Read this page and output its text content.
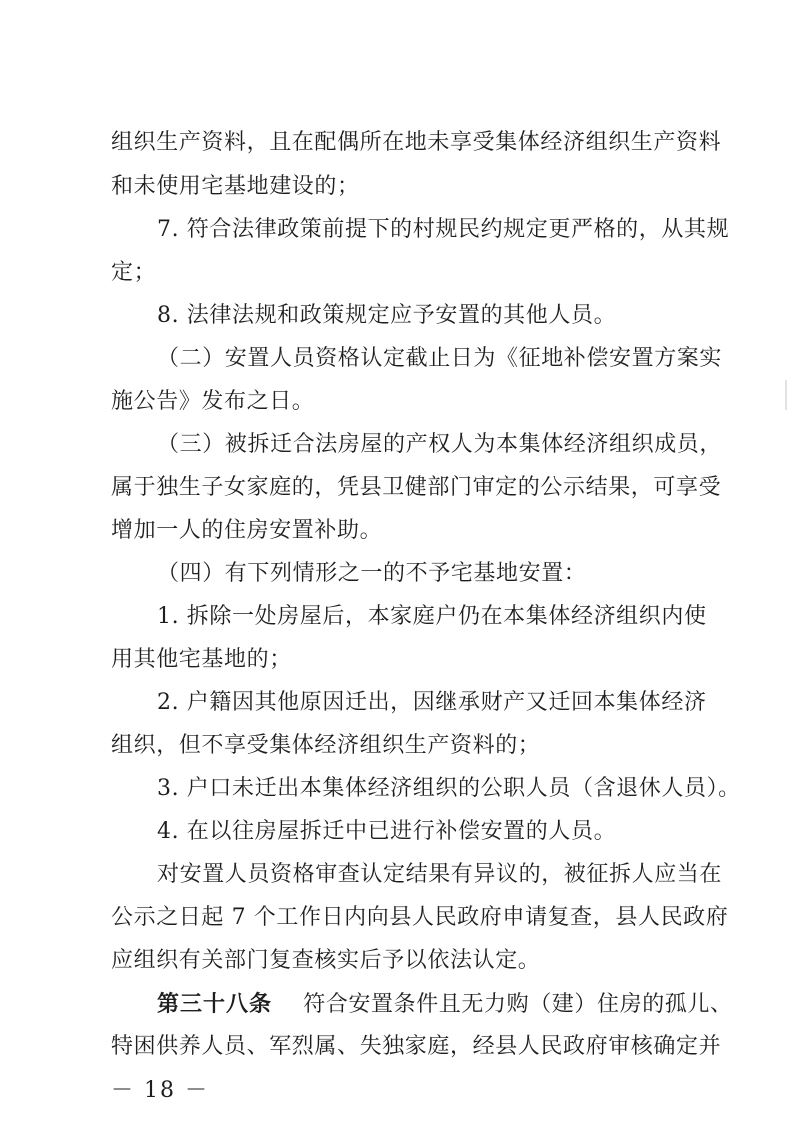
组织生产资料，且在配偶所在地未享受集体经济组织生产资料
和未使用宅基地建设的；
7. 符合法律政策前提下的村规民约规定更严格的，从其规
定；
8. 法律法规和政策规定应予安置的其他人员。
（二）安置人员资格认定截止日为《征地补偿安置方案实
施公告》发布之日。
（三）被拆迁合法房屋的产权人为本集体经济组织成员，
属于独生子女家庭的，凭县卫健部门审定的公示结果，可享受
增加一人的住房安置补助。
（四）有下列情形之一的不予宅基地安置：
1. 拆除一处房屋后，本家庭户仍在本集体经济组织内使
用其他宅基地的；
2. 户籍因其他原因迁出，因继承财产又迁回本集体经济
组织，但不享受集体经济组织生产资料的；
3. 户口未迁出本集体经济组织的公职人员（含退休人员）。
4. 在以往房屋拆迁中已进行补偿安置的人员。
对安置人员资格审查认定结果有异议的，被征拆人应当在
公示之日起 7 个工作日内向县人民政府申请复查，县人民政府
应组织有关部门复查核实后予以依法认定。
第三十八条 符合安置条件且无力购（建）住房的孤儿、
特困供养人员、军烈属、失独家庭，经县人民政府审核确定并
－ 18 －
